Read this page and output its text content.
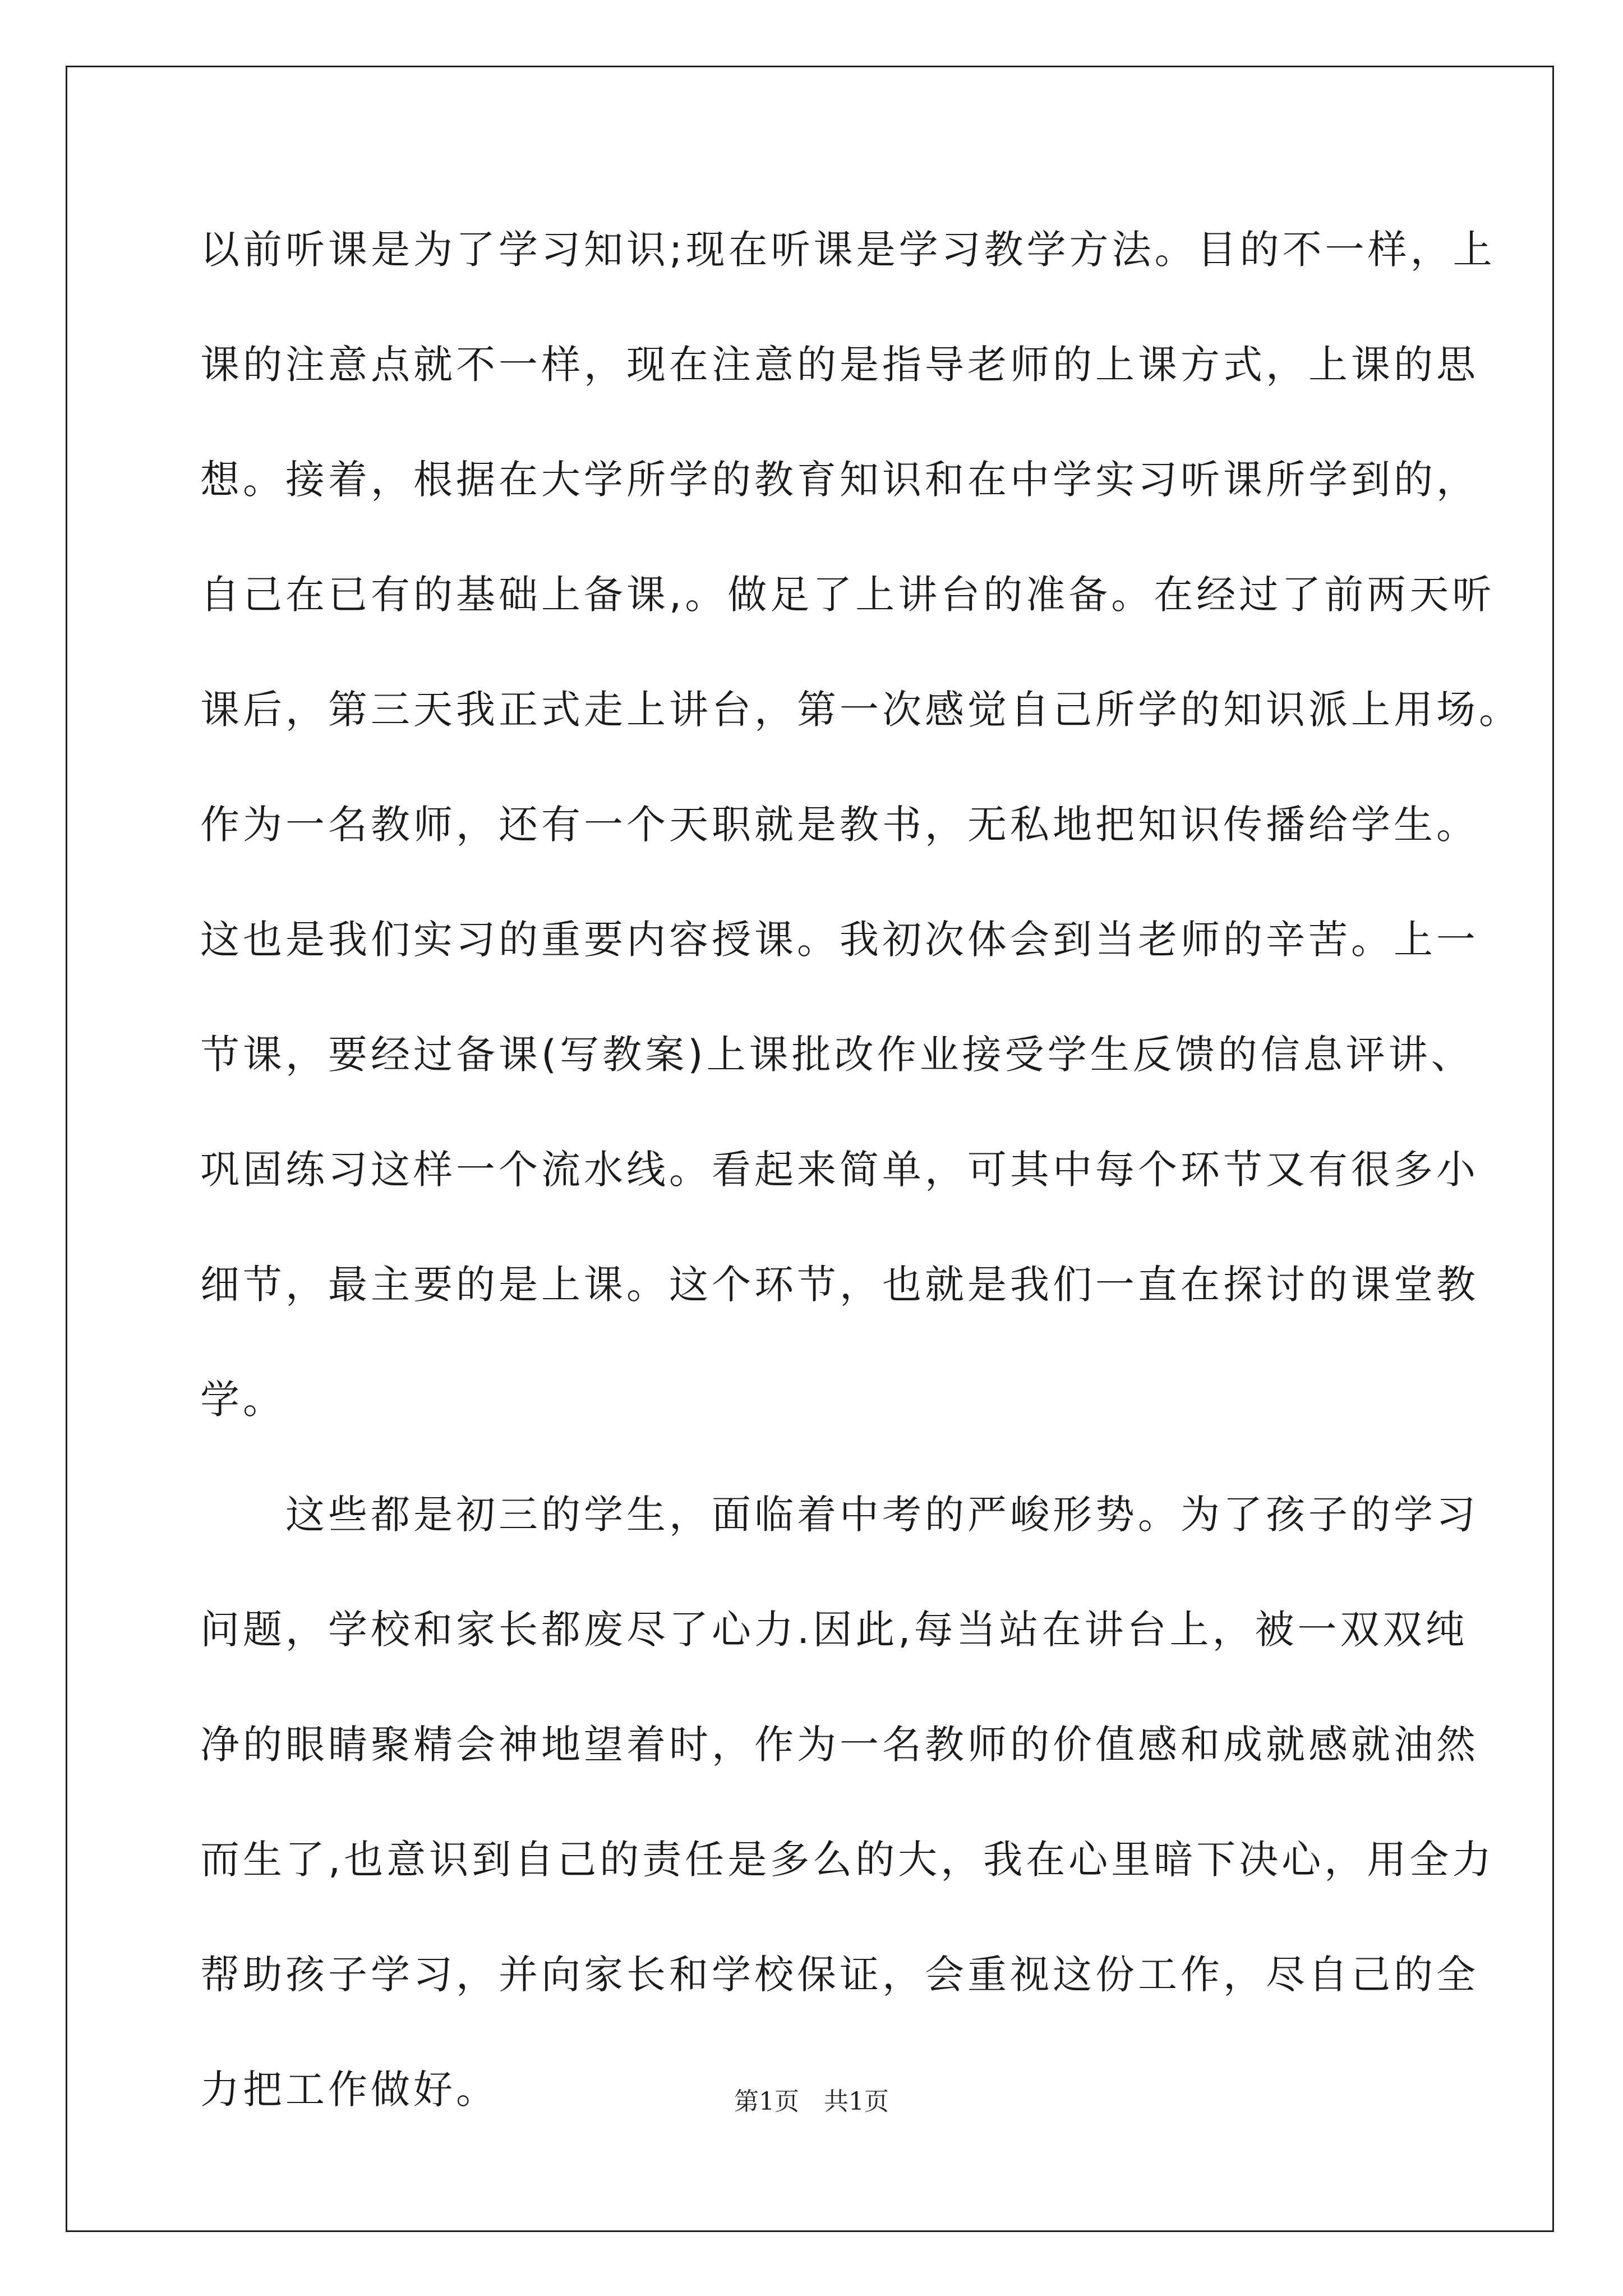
以前听课是为了学习知识;现在听课是学习教学方法。目的不一样，上
课的注意点就不一样，现在注意的是指导老师的上课方式，上课的思
想。接着，根据在大学所学的教育知识和在中学实习听课所学到的，
自己在已有的基础上备课,。做足了上讲台的准备。在经过了前两天听
课后，第三天我正式走上讲台，第一次感觉自己所学的知识派上用场。
作为一名教师，还有一个天职就是教书，无私地把知识传播给学生。
这也是我们实习的重要内容授课。我初次体会到当老师的辛苦。上一
节课，要经过备课(写教案)上课批改作业接受学生反馈的信息评讲、
巩固练习这样一个流水线。看起来简单，可其中每个环节又有很多小
细节，最主要的是上课。这个环节，也就是我们一直在探讨的课堂教
学。
　　这些都是初三的学生，面临着中考的严峻形势。为了孩子的学习
问题，学校和家长都废尽了心力.因此,每当站在讲台上，被一双双纯
净的眼睛聚精会神地望着时，作为一名教师的价值感和成就感就油然
而生了,也意识到自己的责任是多么的大，我在心里暗下决心，用全力
帮助孩子学习，并向家长和学校保证，会重视这份工作，尽自己的全
力把工作做好。	第1页　共1页
